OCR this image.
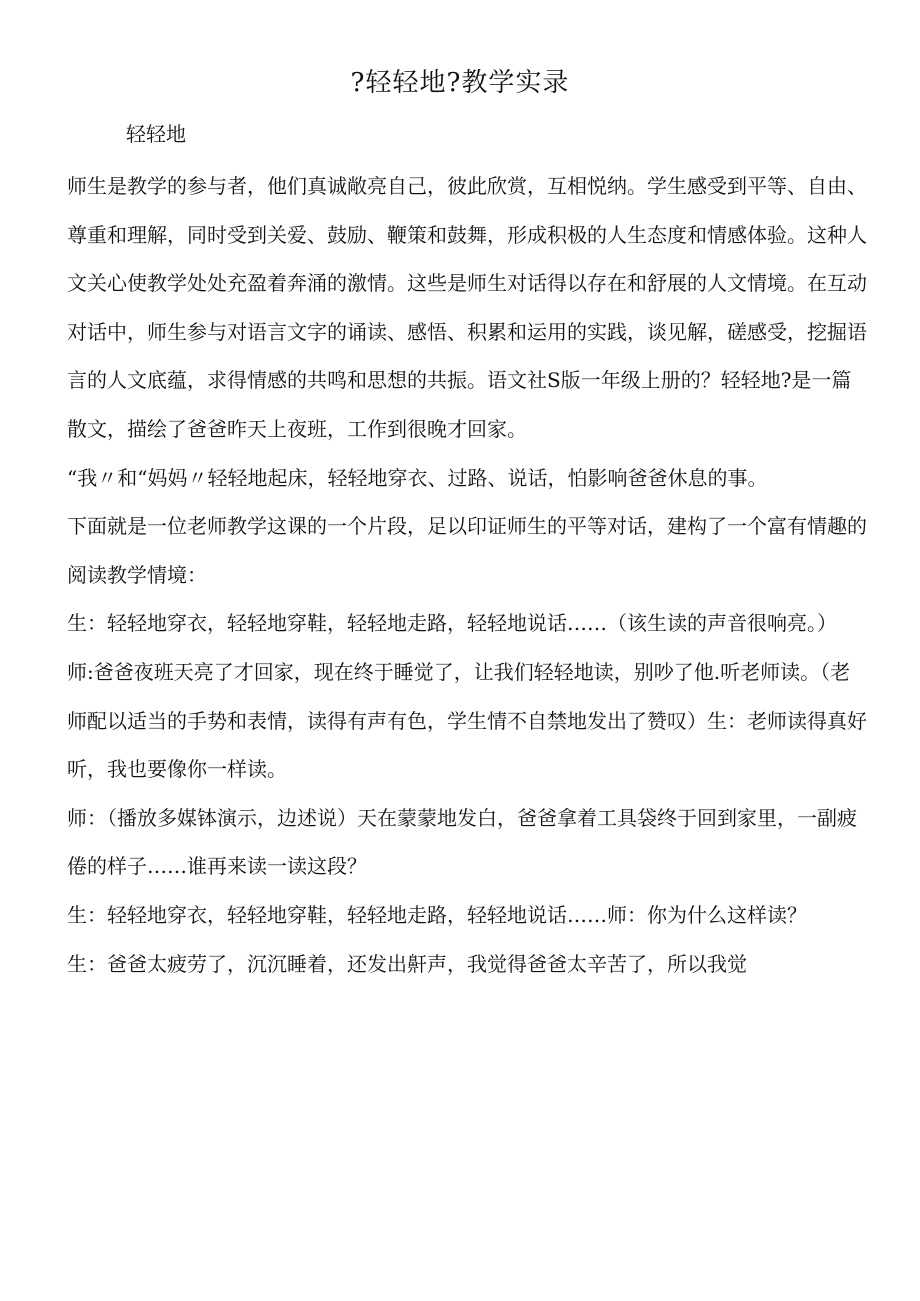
?轻轻地?教学实录
轻轻地

师生是教学的参与者，他们真诚敞亮自己，彼此欣赏，互相悦纳。学生感受到平等、自由、尊重和理解，同时受到关爱、鼓励、鞭策和鼓舞，形成积极的人生态度和情感体验。这种人文关心使教学处处充盈着奔涌的激情。这些是师生对话得以存在和舒展的人文情境。在互动对话中，师生参与对语言文字的诵读、感悟、积累和运用的实践，谈见解，磋感受，挖掘语言的人文底蕴，求得情感的共鸣和思想的共振。语文社S版一年级上册的？轻轻地?是一篇散文，描绘了爸爸昨天上夜班，工作到很晚才回家。

“我〃和“妈妈〃轻轻地起床，轻轻地穿衣、过路、说话，怕影响爸爸休息的事。

下面就是一位老师教学这课的一个片段，足以印证师生的平等对话，建构了一个富有情趣的阅读教学情境：

生：轻轻地穿衣，轻轻地穿鞋，轻轻地走路，轻轻地说话……（该生读的声音很响亮。）

师:爸爸夜班天亮了才回家，现在终于睡觉了，让我们轻轻地读，别吵了他.听老师读。（老师配以适当的手势和表情，读得有声有色，学生情不自禁地发出了赞叹）生：老师读得真好听，我也要像你一样读。

师：（播放多媒钵演示，边述说）天在蒙蒙地发白，爸爸拿着工具袋终于回到家里，一副疲倦的样子……谁再来读一读这段？

生：轻轻地穿衣，轻轻地穿鞋，轻轻地走路，轻轻地说话……师：你为什么这样读？

生：爸爸太疲劳了，沉沉睡着，还发出鼾声，我觉得爸爸太辛苦了，所以我觉
